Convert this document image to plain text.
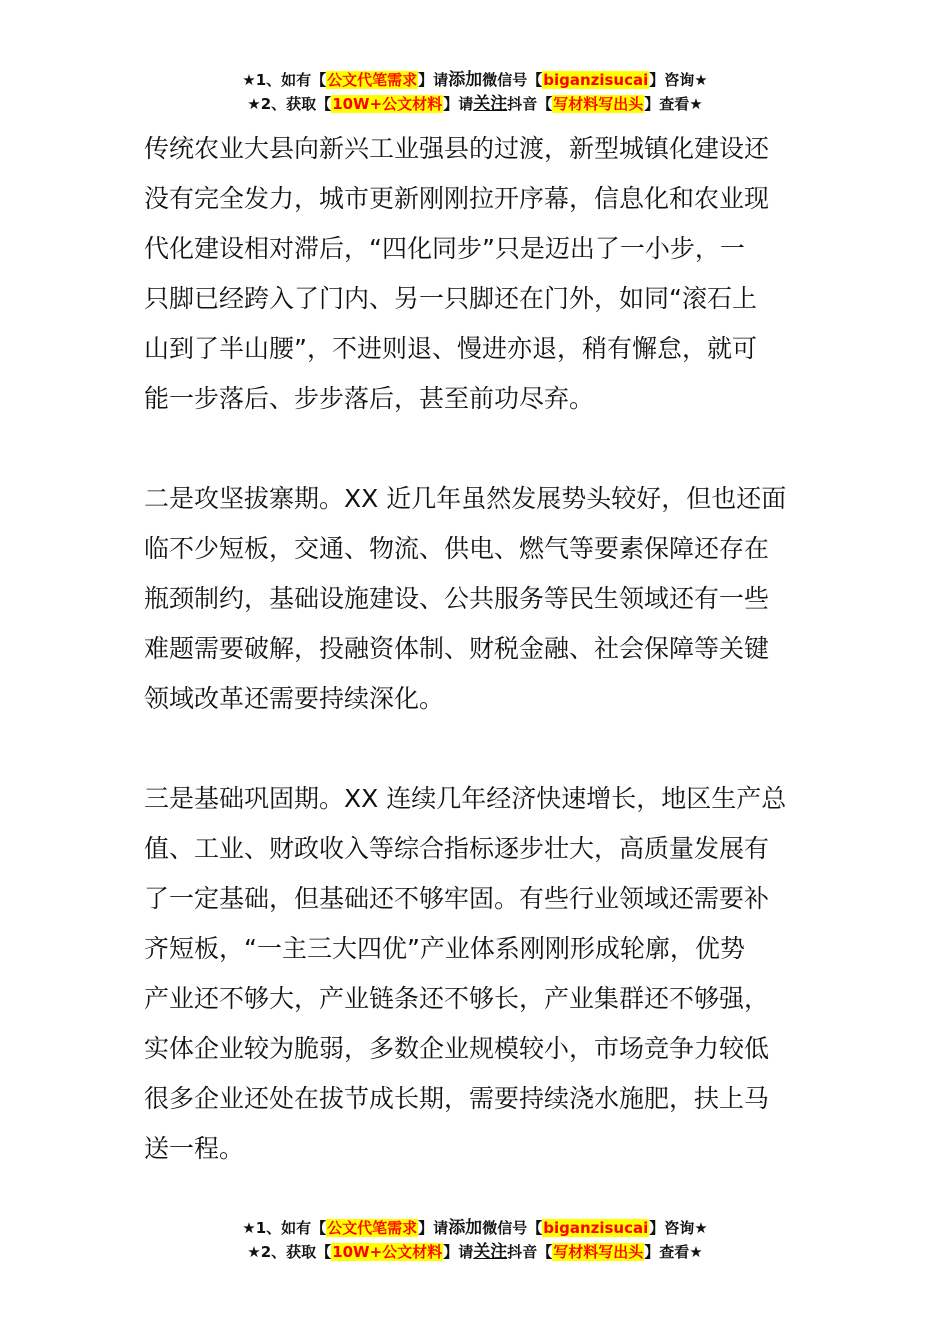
★1、如有【公文代笔需求】请添加微信号【biganzisucai】咨询★
★2、获取【10W+公文材料】请关注抖音【写材料写出头】查看★
传统农业大县向新兴工业强县的过渡，新型城镇化建设还
没有完全发力，城市更新刚刚拉开序幕，信息化和农业现
代化建设相对滞后，“四化同步”只是迈出了一小步，一
只脚已经跨入了门内、另一只脚还在门外，如同“滚石上
山到了半山腰”，不进则退、慢进亦退，稍有懈怠，就可
能一步落后、步步落后，甚至前功尽弃。
二是攻坚拔寨期。XX 近几年虽然发展势头较好，但也还面
临不少短板，交通、物流、供电、燃气等要素保障还存在
瓶颈制约，基础设施建设、公共服务等民生领域还有一些
难题需要破解，投融资体制、财税金融、社会保障等关键
领域改革还需要持续深化。
三是基础巩固期。XX 连续几年经济快速增长，地区生产总
值、工业、财政收入等综合指标逐步壮大，高质量发展有
了一定基础，但基础还不够牢固。有些行业领域还需要补
齐短板，“一主三大四优”产业体系刚刚形成轮廓，优势
产业还不够大，产业链条还不够长，产业集群还不够强，
实体企业较为脆弱，多数企业规模较小，市场竞争力较低
很多企业还处在拔节成长期，需要持续浇水施肥，扶上马
送一程。
★1、如有【公文代笔需求】请添加微信号【biganzisucai】咨询★
★2、获取【10W+公文材料】请关注抖音【写材料写出头】查看★
